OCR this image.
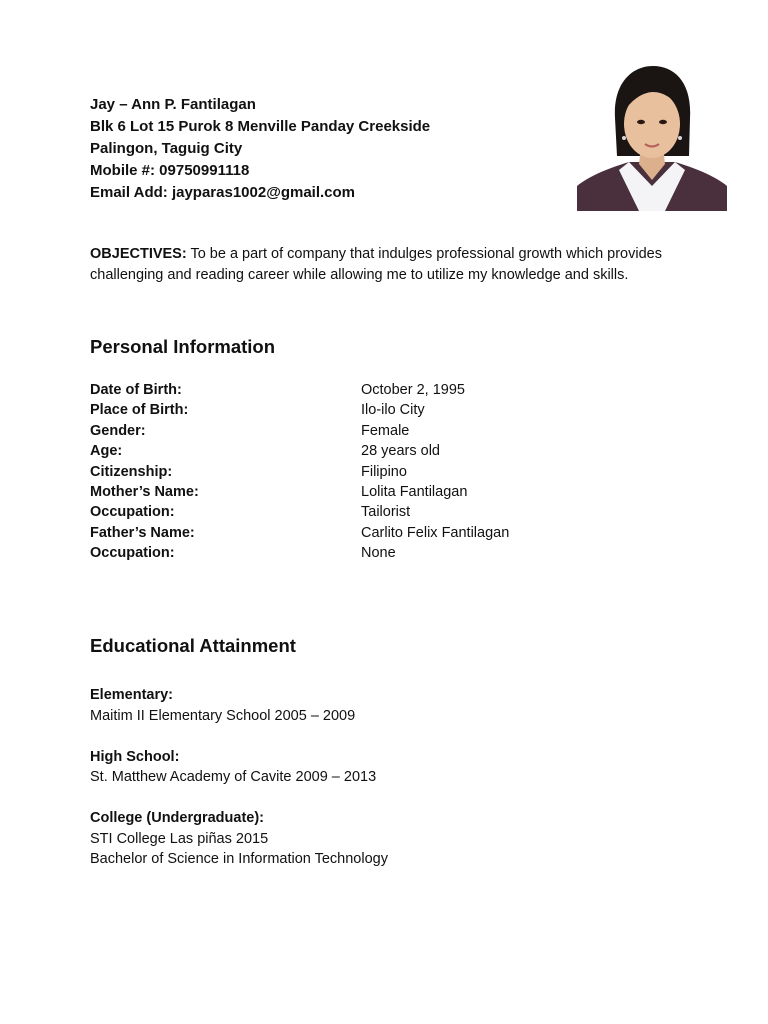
Jay – Ann P. Fantilagan
Blk 6 Lot 15 Purok 8 Menville Panday Creekside
Palingon, Taguig City
Mobile #: 09750991118
Email Add: jayparas1002@gmail.com
OBJECTIVES: To be a part of company that indulges professional growth which provides challenging and reading career while allowing me to utilize my knowledge and skills.
Personal Information
Date of Birth:	October 2, 1995
Place of Birth:	Ilo-ilo City
Gender:	Female
Age:	28 years old
Citizenship:	Filipino
Mother’s Name:	Lolita Fantilagan
Occupation:	Tailorist
Father’s Name:	Carlito Felix Fantilagan
Occupation:	None
Educational Attainment
Elementary:
Maitim II Elementary School 2005 – 2009
High School:
St. Matthew Academy of Cavite 2009 – 2013
College (Undergraduate):
STI College Las piñas 2015
Bachelor of Science in Information Technology
